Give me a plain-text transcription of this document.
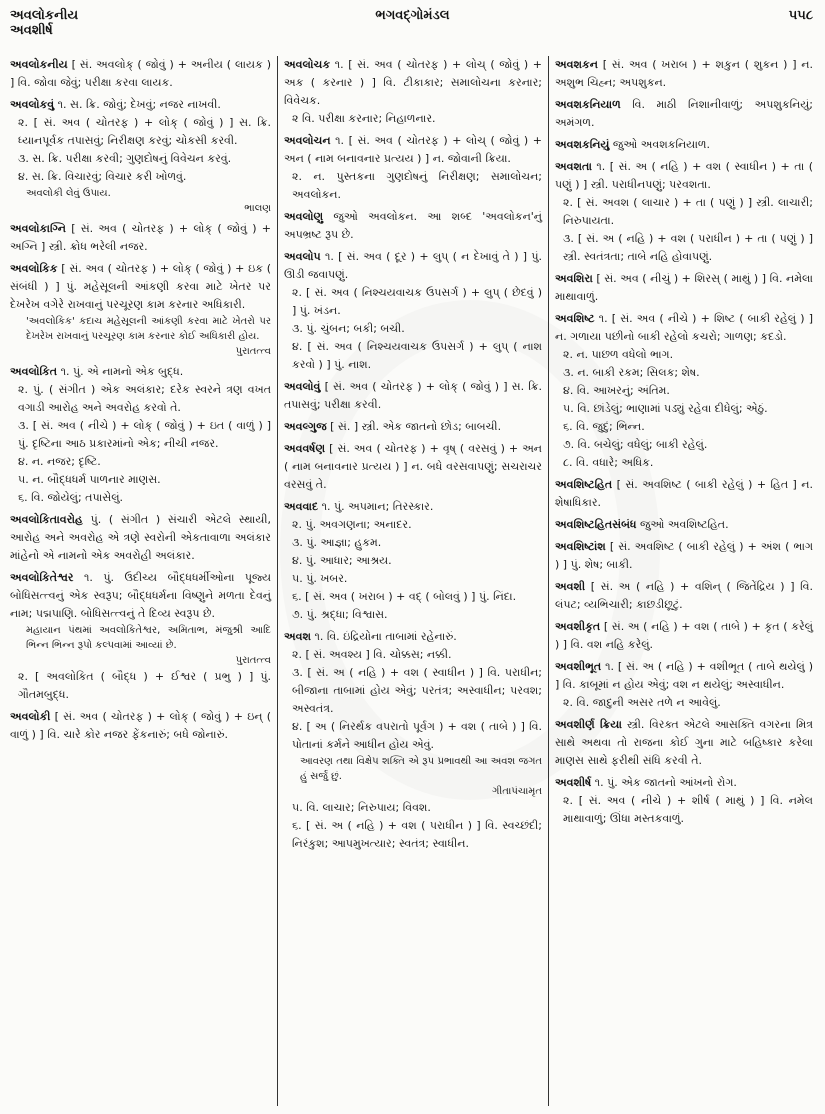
અવલોકનીય
અવશીર્ષ
ભગવદ્ગોમંડલ	૫૫૮
અવલોકનીય [ સં. અવલોક્ ( જોવું ) + અનીય ( લાયક ) ] વિ. જોવા જેવું; પરીક્ષા કરવા લાયક.
અવલોકવું ૧. સ. ક્રિ. જોવું; દેખવું; નજર નાખવી.
૨. [ સં. અવ ( ચોતરફ ) + લોક્ ( જોવું ) ] સ. ક્રિ. ધ્યાનપૂર્વક તપાસવું; નિરીક્ષણ કરવું; ચોકસી કરવી.
૩. સ. ક્રિ. પરીક્ષા કરવી; ગુણદોષનું વિવેચન કરવું.
૪. સ. ક્રિ. વિચારવું; વિચાર કરી ખોળવું.
અવલોકી લેવું ઉપાય.
ભાલણ
અવલોકાગ્નિ [ સં. અવ ( ચોતરફ ) + લોક્ ( જોવું ) + અગ્નિ ] સ્ત્રી. ક્રોધ ભરેલી નજર.
અવલોકિક [ સં. અવ ( ચોતરફ ) + લોક્ ( જોવું ) + ઇક ( સંબંધી ) ] પું. મહેસૂલની આંકણી કરવા માટે ખેતર પર દેખરેખ વગેરે રાખવાનું પરચૂરણ કામ કરનાર અધિકારી.
'અવલોકિક' કદાચ મહેસૂલની આંકણી કરવા માટે ખેતરો પર દેખરેખ રાખવાનું પરચૂરણ કામ કરનાર કોઈ અધિકારી હોય.
પુરાતત્ત્વ
અવલોકિત ૧. પું. એ નામનો એક બુદ્ધ.
૨. પું. ( સંગીત ) એક અલંકાર; દરેક સ્વરને ત્રણ વખત વગાડી આરોહ અને અવરોહ કરવો તે.
૩. [ સં. અવ ( નીચે ) + લોક્ ( જોવું ) + ઇત ( વાળું ) ] પું. દૃષ્ટિના આઠ પ્રકારમાંનો એક; નીચી નજર.
૪. ન. નજર; દૃષ્ટિ.
૫. ન. બૌદ્ધધર્મ પાળનાર માણસ.
૬. વિ. જોયેલું; તપાસેલું.
અવલોકિતાવરોહ પું. ( સંગીત ) સંચારી એટલે સ્થાયી, આરોહ અને અવરોહ એ ત્રણે સ્વરોની એકતાવાળા અલંકાર માંહેનો એ નામનો એક અવરોહી અલંકાર.
અવલોકિતેશ્વર ૧. પું. ઉદીચ્ય બૌદ્ધધર્મીઓના પૂજ્ય બોધિસત્ત્વનું એક સ્વરૂપ; બૌદ્ધધર્મના વિષ્ણુને મળતા દેવનું નામ; પદ્મપાણિ. બોધિસત્ત્વનું તે દિવ્ય સ્વરૂપ છે.
મહાયાન પંથમાં અવલોકિતેશ્વર, અમિતાભ, મંજુશ્રી આદિ ભિન્ન ભિન્ન રૂપો કલ્પવામાં આવ્યાં છે.
પુરાતત્ત્વ
૨. [ અવલોકિત ( બૌદ્ધ ) + ઈશ્વર ( પ્રભુ ) ] પું. ગૌતમબુદ્ધ.
અવલોકી [ સં. અવ ( ચોતરફ ) + લોક્ ( જોવું ) + ઇન્ ( વાળું ) ] વિ. ચારે કોર નજર ફેંકનારું; બધે જોનારું.
અવલોચક ૧. [ સં. અવ ( ચોતરફ ) + લોચ્ ( જોવું ) + અક ( કરનાર ) ] વિ. ટીકાકાર; સમાલોચના કરનાર; વિવેચક.
૨ વિ. પરીક્ષા કરનાર; નિહાળનાર.
અવલોચન ૧. [ સં. અવ ( ચોતરફ ) + લોચ્ ( જોવું ) + અન ( નામ બનાવનાર પ્રત્યય ) ] ન. જોવાની ક્રિયા.
૨. ન. પુસ્તકના ગુણદોષનું નિરીક્ષણ; સમાલોચન; અવલોકન.
અવલોણુ જુઓ અવલોકન. આ શબ્દ 'અવલોકન'નું અપભ્રષ્ટ રૂપ છે.
અવલોપ ૧. [ સં. અવ ( દૂર ) + લુપ્ ( ન દેખાવું તે ) ] પું. ઊડી જવાપણું.
૨. [ સં. અવ ( નિશ્ચયવાચક ઉપસર્ગ ) + લુપ્ ( છેદવું ) ] પું. ખંડન.
૩. પું. ચુંબન; બકી; બચી.
૪. [ સં. અવ ( નિશ્ચયવાચક ઉપસર્ગ ) + લુપ્ ( નાશ કરવો ) ] પું. નાશ.
અવલોવું [ સં. અવ ( ચોતરફ ) + લોક્ ( જોવું ) ] સ. ક્રિ. તપાસવું; પરીક્ષા કરવી.
અવલ્ગુજ [ સં. ] સ્ત્રી. એક જાતનો છોડ; બાબચી.
અવવર્ષણ [ સં. અવ ( ચોતરફ ) + વૃષ્ ( વરસવું ) + અન ( નામ બનાવનાર પ્રત્યય ) ] ન. બધે વરસવાપણું; સચરાચર વરસવું તે.
અવવાદ ૧. પું. અપમાન; તિરસ્કાર.
૨. પું. અવગણના; અનાદર.
૩. પું. આજ્ઞા; હુકમ.
૪. પું. આધાર; આશ્રય.
૫. પું. ખબર.
૬. [ સં. અવ ( ખરાબ ) + વદ્ ( બોલવું ) ] પું. નિંદા.
૭. પું. શ્રદ્ધા; વિશ્વાસ.
અવશ ૧. વિ. ઇંદ્રિયોના તાબામાં રહેનારું.
૨. [ સં. અવશ્ય ] વિ. ચોક્કસ; નક્કી.
૩. [ સં. અ ( નહિ ) + વશ ( સ્વાધીન ) ] વિ. પરાધીન; બીજાના તાબામાં હોય એવું; પરતંત્ર; અસ્વાધીન; પરવશ; અસ્વતંત્ર.
૪. [ અ ( નિરર્થક વપરાતો પૂર્વગ ) + વશ ( તાબે ) ] વિ. પોતાનાં કર્મને આધીન હોય એવું.
આવરણ તથા વિક્ષેપ શક્તિ એ રૂપ પ્રભાવથી આ અવશ જગત હું સર્જું છું.
ગીતાપંચામૃત
૫. વિ. લાચાર; નિરુપાય; વિવશ.
૬. [ સં. અ ( નહિ ) + વશ ( પરાધીન ) ] વિ. સ્વચ્છંદી; નિરંકુશ; આપમુખત્યાર; સ્વતંત્ર; સ્વાધીન.
અવશકન [ સં. અવ ( ખરાબ ) + શકુન ( શુકન ) ] ન. અશુભ ચિહ્ન; અપશુકન.
અવશકનિયાળ વિ. માઠી નિશાનીવાળું; અપશુકનિયું; અમંગળ.
અવશકનિયું જુઓ અવશકનિયાળ.
અવશતા ૧. [ સં. અ ( નહિ ) + વશ ( સ્વાધીન ) + તા ( પણું ) ] સ્ત્રી. પરાધીનપણું; પરવશતા.
૨. [ સં. અવશ ( લાચાર ) + તા ( પણું ) ] સ્ત્રી. લાચારી; નિરુપાયતા.
૩. [ સં. અ ( નહિ ) + વશ ( પરાધીન ) + તા ( પણું ) ] સ્ત્રી. સ્વતંત્રતા; તાબે નહિ હોવાપણું.
અવશિરા [ સં. અવ ( નીચું ) + શિરસ્ ( માથું ) ] વિ. નમેલા માથાવાળું.
અવશિષ્ટ ૧. [ સં. અવ ( નીચે ) + શિષ્ટ ( બાકી રહેલું ) ] ન. ગળાયા પછીનો બાકી રહેલો કચરો; ગાળણ; કદડો.
૨. ન. પાછળ વધેલો ભાગ.
૩. ન. બાકી રકમ; સિલક; શેષ.
૪. વિ. આખરનું; અંતિમ.
૫. વિ. છાંડેલું; ભાણામાં પડ્યું રહેવા દીધેલું; એઠું.
૬. વિ. જુદું; ભિન્ન.
૭. વિ. બચેલું; વધેલું; બાકી રહેલું.
૮. વિ. વધારે; અધિક.
અવશિષ્ટહિત [ સં. અવશિષ્ટ ( બાકી રહેલું ) + હિત ] ન. શેષાધિકાર.
અવશિષ્ટહિતસંબંધ જુઓ અવશિષ્ટહિત.
અવશિષ્ટાંશ [ સં. અવશિષ્ટ ( બાકી રહેલું ) + અંશ ( ભાગ ) ] પું. શેષ; બાકી.
અવશી [ સં. અ ( નહિ ) + વશિન્ ( જિતેંદ્રિય ) ] વિ. લંપટ; વ્યભિચારી; કાછડીછૂટું.
અવશીકૃત [ સં. અ ( નહિ ) + વશ ( તાબે ) + કૃત ( કરેલું ) ] વિ. વશ નહિ કરેલું.
અવશીભૂત ૧. [ સં. અ ( નહિ ) + વશીભૂત ( તાબે થયેલું ) ] વિ. કાબૂમાં ન હોય એવું; વશ ન થયેલું; અસ્વાધીન.
૨. વિ. જાદુની અસર તળે ન આવેલું.
અવશીર્ણ ક્રિયા સ્ત્રી. વિરક્ત એટલે આસક્તિ વગરના મિત્ર સાથે અથવા તો રાજના કોઈ ગુના માટે બહિષ્કાર કરેલા માણસ સાથે ફરીથી સંધિ કરવી તે.
અવશીર્ષ ૧. પું. એક જાતનો આંખનો રોગ.
૨. [ સં. અવ ( નીચે ) + શીર્ષ ( માથું ) ] વિ. નમેલ માથાવાળું; ઊંધા મસ્તકવાળું.
